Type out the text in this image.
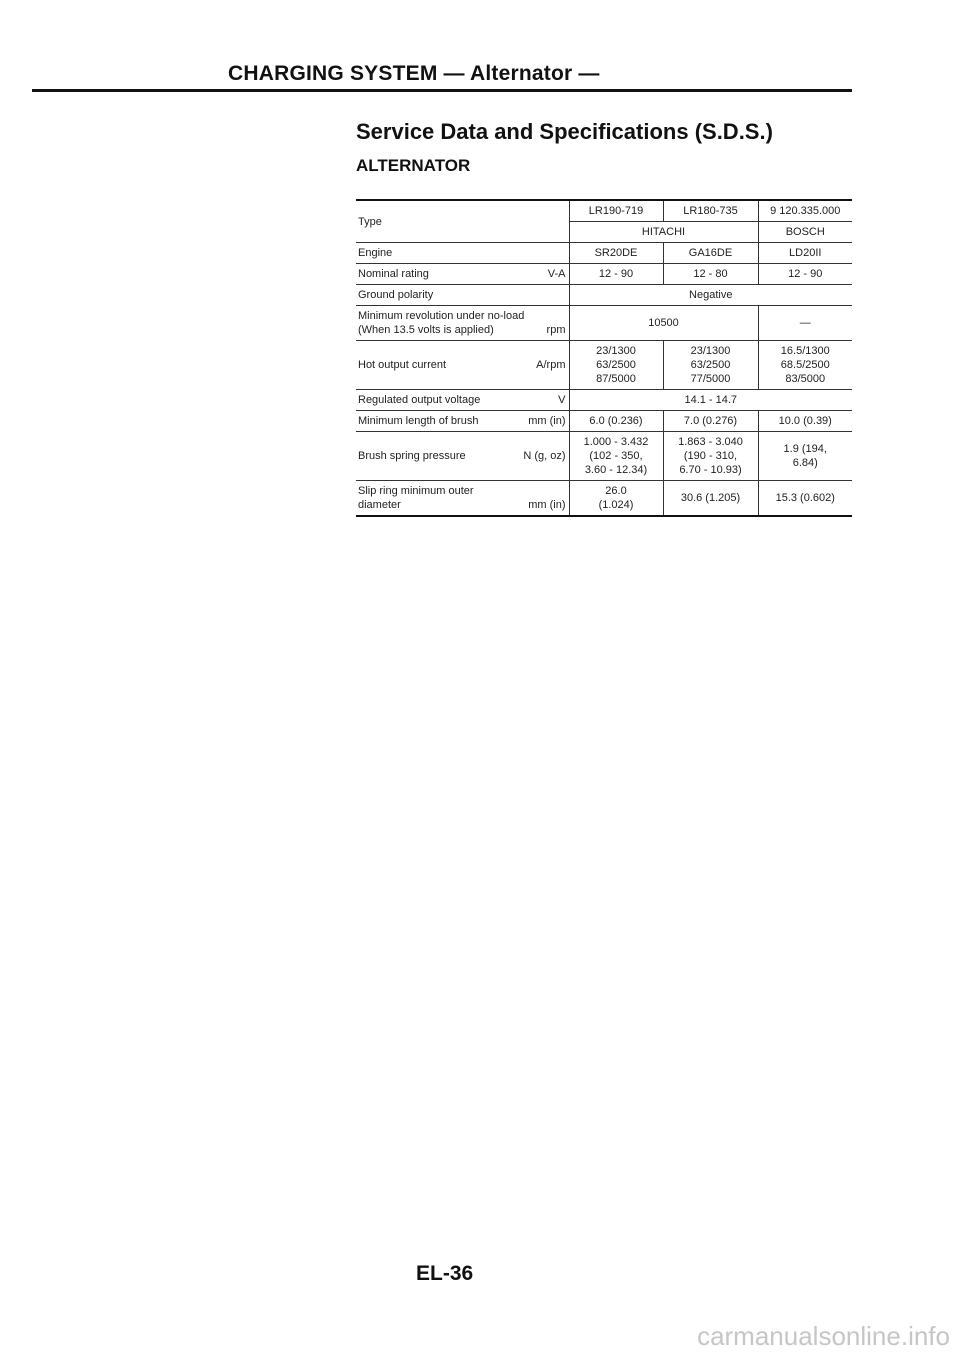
CHARGING SYSTEM — Alternator —
Service Data and Specifications (S.D.S.)
ALTERNATOR
Type	LR190-719	LR180-735	9 120.335.000
	HITACHI		BOSCH
Engine	SR20DE	GA16DE	LD20II

Nominal rating V-A	12 - 90	12 - 80	12 - 90
Ground polarity	Negative		

Minimum revolution under no-load
(When 13.5 volts is applied) rpm	10500		—

Hot output current A/rpm	23/1300
63/2500
87/5000	23/1300
63/2500
77/5000	16.5/1300
68.5/2500
83/5000

Regulated output voltage V	14.1 - 14.7		

Minimum length of brush mm (in)	6.0 (0.236)	7.0 (0.276)	10.0 (0.39)

Brush spring pressure N (g, oz)	1.000 - 3.432
(102 - 350,
3.60 - 12.34)	1.863 - 3.040
(190 - 310,
6.70 - 10.93)	1.9 (194,
6.84)

Slip ring minimum outer
diameter mm (in)	26.0
(1.024)	30.6 (1.205)	15.3 (0.602)
EL-36
carmanualsonline.info
